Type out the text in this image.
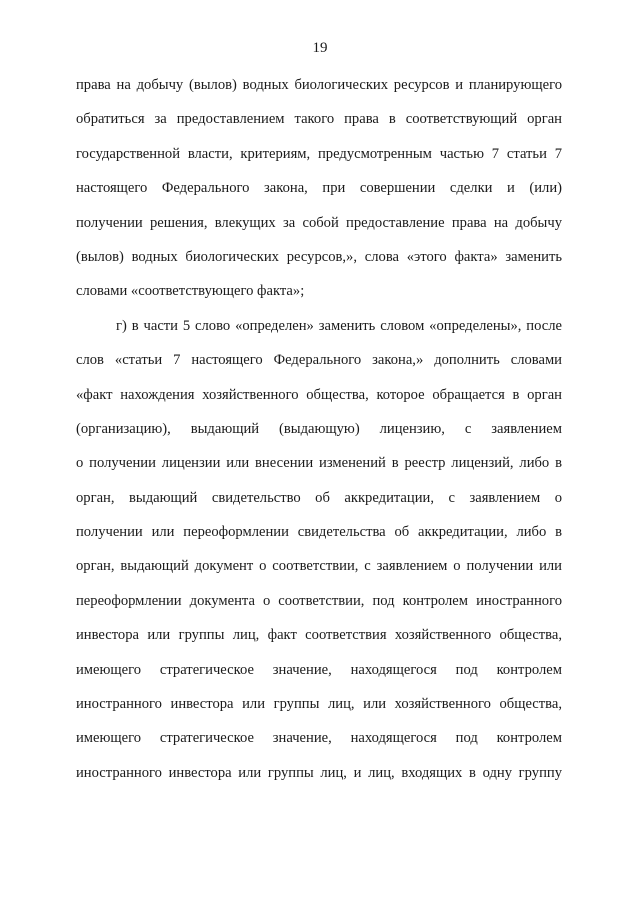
19
права на добычу (вылов) водных биологических ресурсов и планирующего
обратиться за предоставлением такого права в соответствующий орган
государственной власти, критериям, предусмотренным частью 7 статьи 7
настоящего Федерального закона, при совершении сделки и (или)
получении решения, влекущих за собой предоставление права на добычу
(вылов) водных биологических ресурсов,», слова «этого факта» заменить
словами «соответствующего факта»;
г) в части 5 слово «определен» заменить словом «определены», после
слов «статьи 7 настоящего Федерального закона,» дополнить словами
«факт нахождения хозяйственного общества, которое обращается в орган
(организацию), выдающий (выдающую) лицензию, с заявлением
о получении лицензии или внесении изменений в реестр лицензий, либо в
орган, выдающий свидетельство об аккредитации, с заявлением о
получении или переоформлении свидетельства об аккредитации, либо в
орган, выдающий документ о соответствии, с заявлением о получении или
переоформлении документа о соответствии, под контролем иностранного
инвестора или группы лиц, факт соответствия хозяйственного общества,
имеющего стратегическое значение, находящегося под контролем
иностранного инвестора или группы лиц, или хозяйственного общества,
имеющего стратегическое значение, находящегося под контролем
иностранного инвестора или группы лиц, и лиц, входящих в одну группу
